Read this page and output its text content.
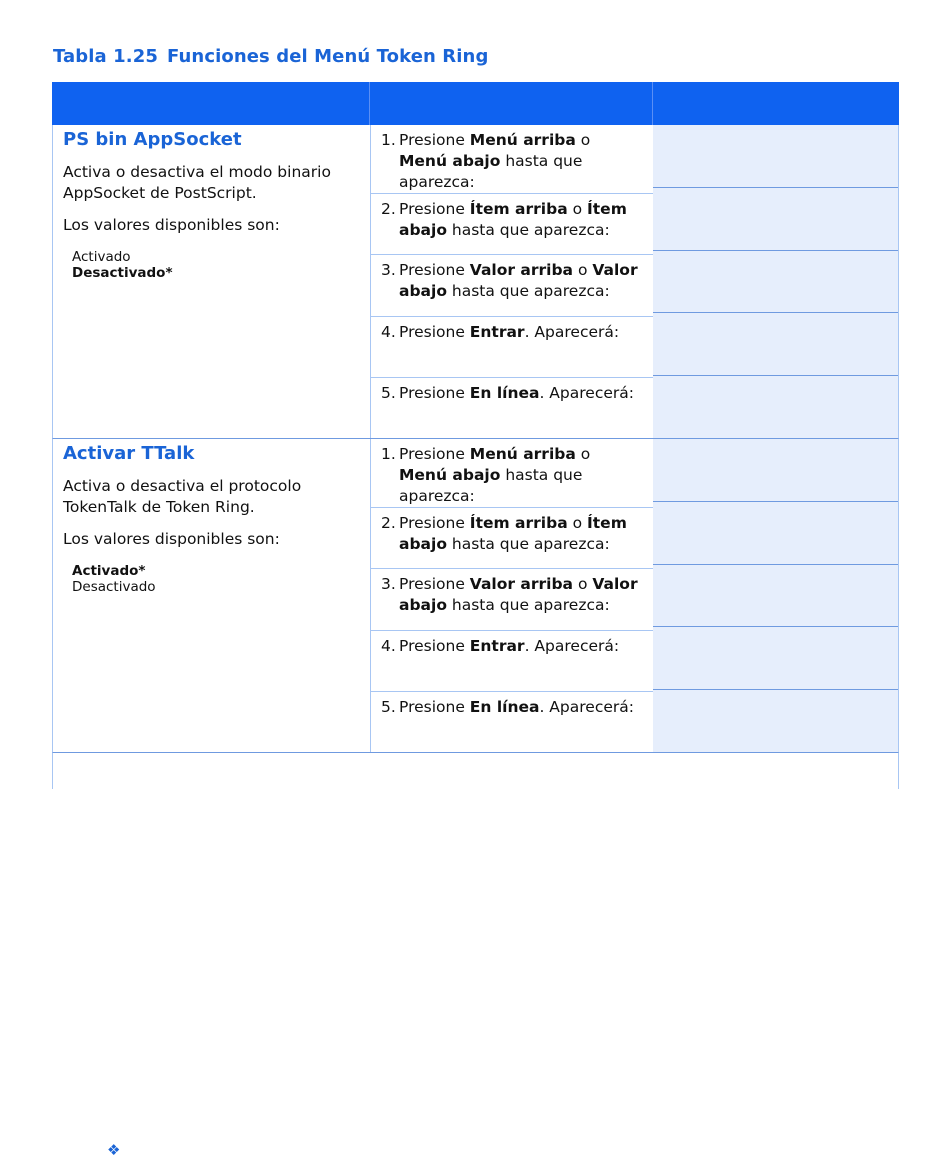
Tabla 1.25 Funciones del Menú Token Ring
PS bin AppSocket
Activa o desactiva el modo binario AppSocket de PostScript.
Los valores disponibles son:
Activado
Desactivado*
1. Presione Menú arriba o Menú abajo hasta que aparezca:
2. Presione Ítem arriba o Ítem abajo hasta que aparezca:
3. Presione Valor arriba o Valor abajo hasta que aparezca:
4. Presione Entrar. Aparecerá:
5. Presione En línea. Aparecerá:
Activar TTalk
Activa o desactiva el protocolo TokenTalk de Token Ring.
Los valores disponibles son:
Activado*
Desactivado
1. Presione Menú arriba o Menú abajo hasta que aparezca:
2. Presione Ítem arriba o Ítem abajo hasta que aparezca:
3. Presione Valor arriba o Valor abajo hasta que aparezca:
4. Presione Entrar. Aparecerá:
5. Presione En línea. Aparecerá:
❖
